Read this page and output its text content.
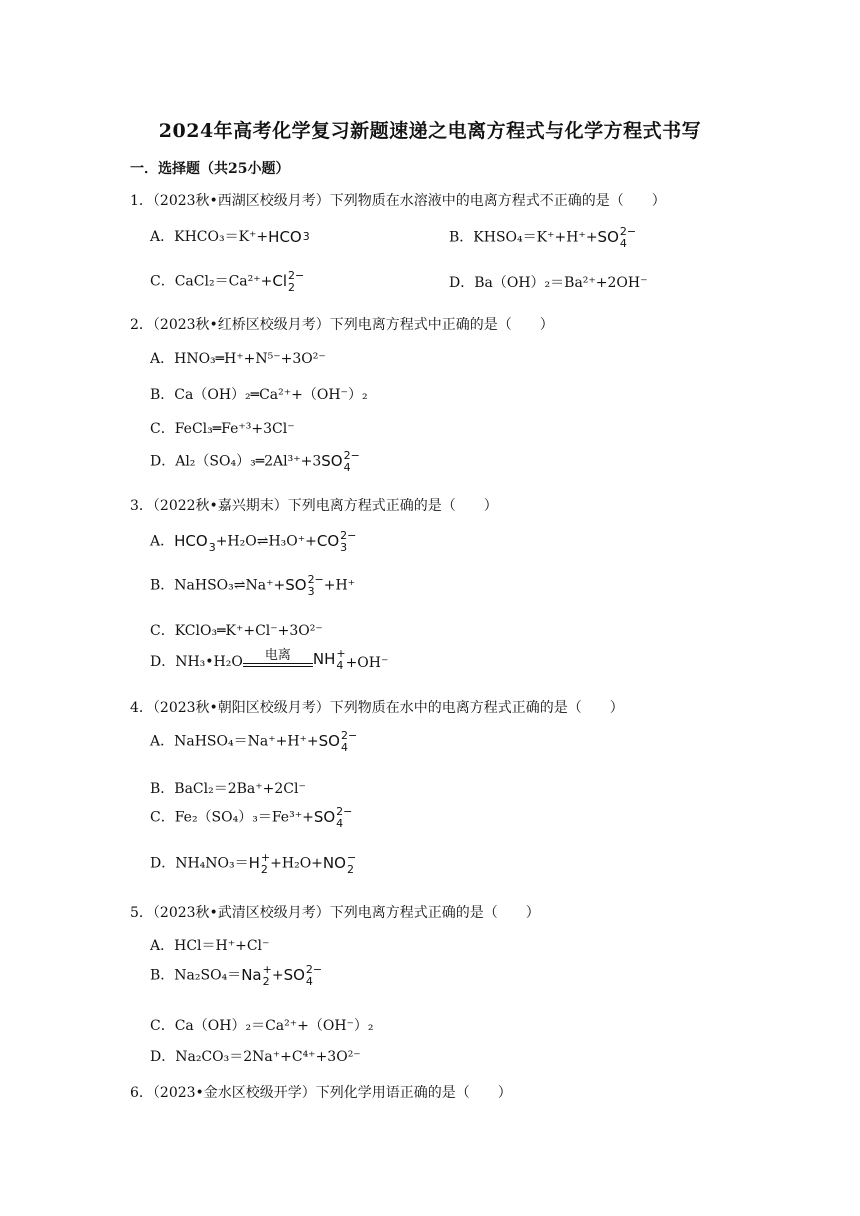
2024年高考化学复习新题速递之电离方程式与化学方程式书写
一．选择题（共25小题）
1．（2023秋•西湖区校级月考）下列物质在水溶液中的电离方程式不正确的是（　　）
A．KHCO₃＝K⁺+HCO 3	B．KHSO₄＝K⁺+H⁺+SO 2−
4
C．CaCl₂＝Ca²⁺+Cl 2−
2	D．Ba（OH）₂＝Ba²⁺+2OH⁻
2．（2023秋•红桥区校级月考）下列电离方程式中正确的是（　　）
A．HNO₃═H⁺+N⁵⁻+3O²⁻
B．Ca（OH）₂═Ca²⁺+（OH⁻）₂
C．FeCl₃═Fe⁺³+3Cl⁻
D．Al₂（SO₄）₃═2Al³⁺+3SO 2−
4
3．（2022秋•嘉兴期末）下列电离方程式正确的是（　　）
A．HCO 3 +H₂O⇌H₃O⁺+CO 2−
3
B．NaHSO₃⇌Na⁺+SO 2−
3 +H⁺
C．KClO₃═K⁺+Cl⁻+3O²⁻
D．NH₃•H₂O	电离	NH +
4 +OH⁻
4．（2023秋•朝阳区校级月考）下列物质在水中的电离方程式正确的是（　　）
A．NaHSO₄＝Na⁺+H⁺+SO 2−
4
B．BaCl₂＝2Ba⁺+2Cl⁻
C．Fe₂（SO₄）₃＝Fe³⁺+SO 2−
4
D．NH₄NO₃＝H +
2 +H₂O+NO −
2
5．（2023秋•武清区校级月考）下列电离方程式正确的是（　　）
A．HCl＝H⁺+Cl⁻
B．Na₂SO₄＝Na +
2 +SO 2−
4
C．Ca（OH）₂＝Ca²⁺+（OH⁻）₂
D．Na₂CO₃＝2Na⁺+C⁴⁺+3O²⁻
6．（2023•金水区校级开学）下列化学用语正确的是（　　）
